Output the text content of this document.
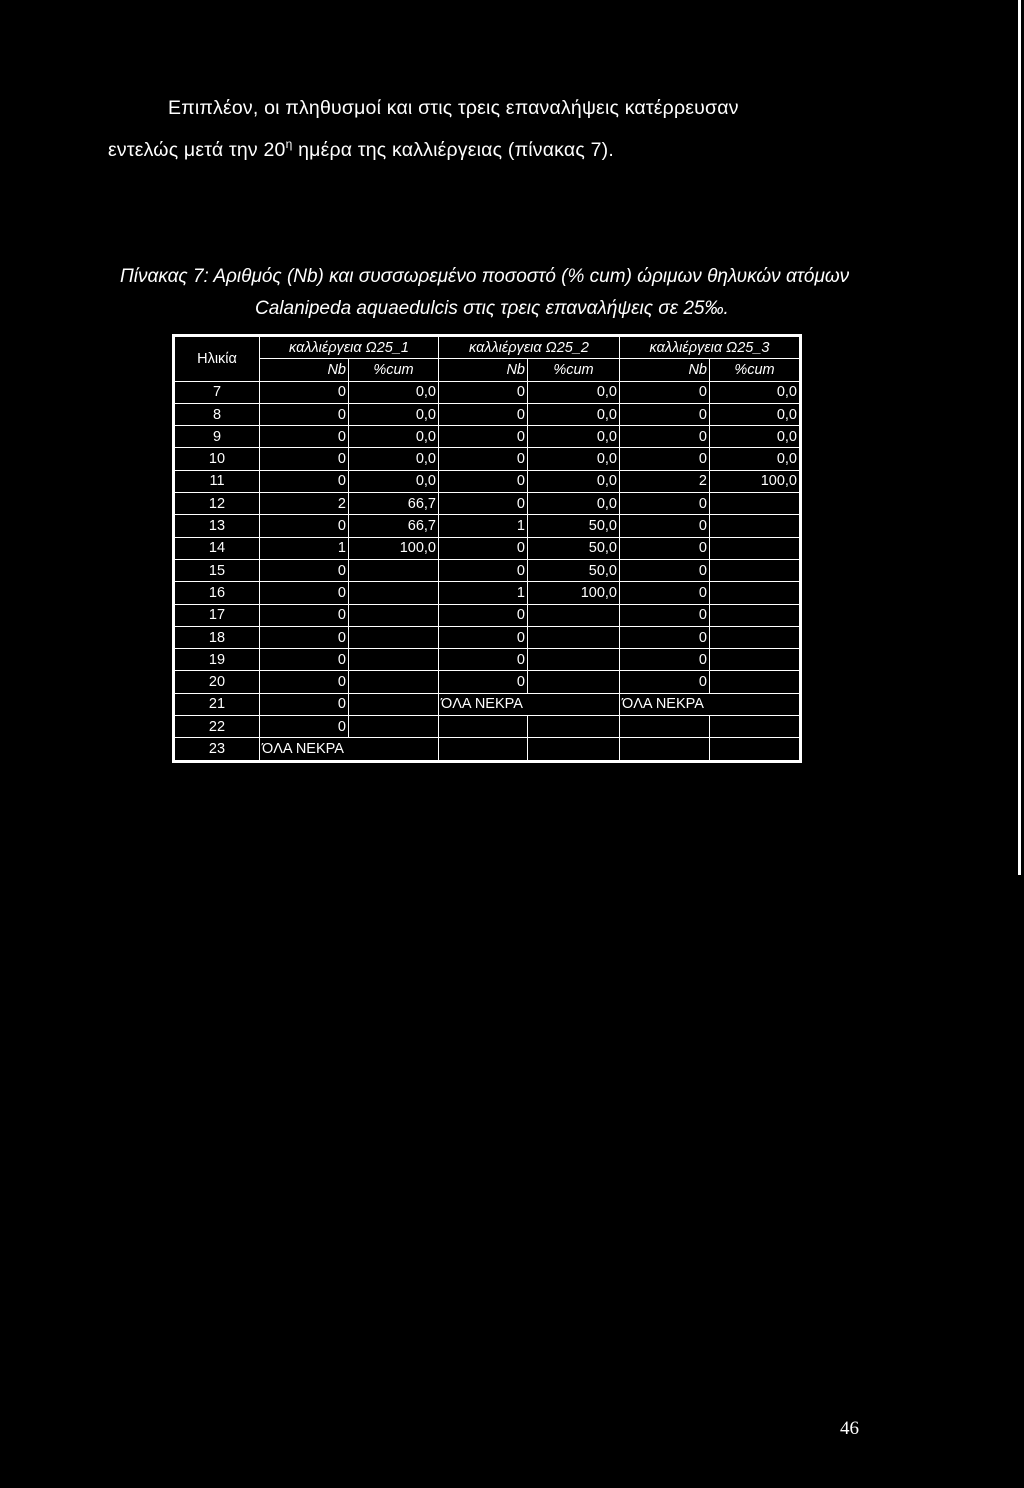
Επιπλέον, οι πληθυσμοί και στις τρεις επαναλήψεις κατέρρευσαν
εντελώς μετά την $20^\eta$ ημέρα της καλλιέργειας (πίνακας 7).
Πίνακας 7: Αριθμός (Nb) και συσσωρεμένο ποσοστό (% cum) ώριμων θηλυκών ατόμων
Calanipeda aquaedulcis στις τρεις επαναλήψεις σε 25‰.
Ηλικία	καλλιέργεια Ω25_1		καλλιέργεια Ω25_2		καλλιέργεια Ω25_3	
	Nb	%cum	Nb	%cum	Nb	%cum
7	0	0,0	0	0,0	0	0,0
8	0	0,0	0	0,0	0	0,0
9	0	0,0	0	0,0	0	0,0
10	0	0,0	0	0,0	0	0,0
11	0	0,0	0	0,0	2	100,0
12	2	66,7	0	0,0	0	
13	0	66,7	1	50,0	0	
14	1	100,0	0	50,0	0	
15	0		0	50,0	0	
16	0		1	100,0	0	
17	0		0		0	
18	0		0		0	
19	0		0		0	
20	0		0		0	
21	0		ΌΛΑ ΝΕΚΡΑ		ΌΛΑ ΝΕΚΡΑ	
22	0					
23	ΌΛΑ ΝΕΚΡΑ					
46
